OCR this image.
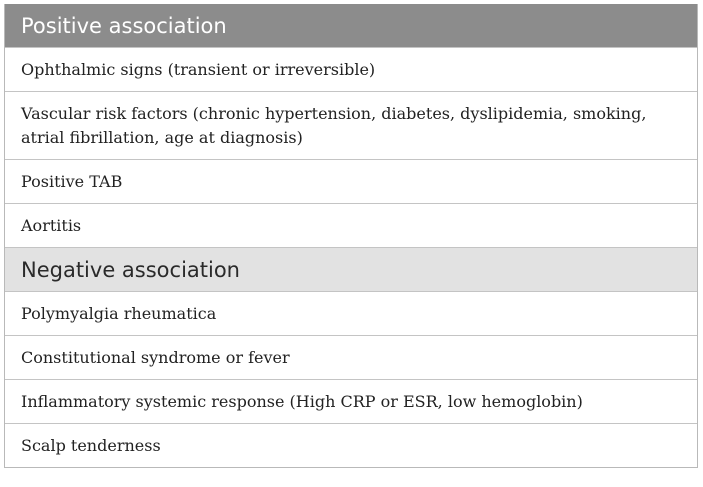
Positive association
Ophthalmic signs (transient or irreversible)
Vascular risk factors (chronic hypertension, diabetes, dyslipidemia, smoking, atrial fibrillation, age at diagnosis)
Positive TAB
Aortitis
Negative association
Polymyalgia rheumatica
Constitutional syndrome or fever
Inflammatory systemic response (High CRP or ESR, low hemoglobin)
Scalp tenderness
